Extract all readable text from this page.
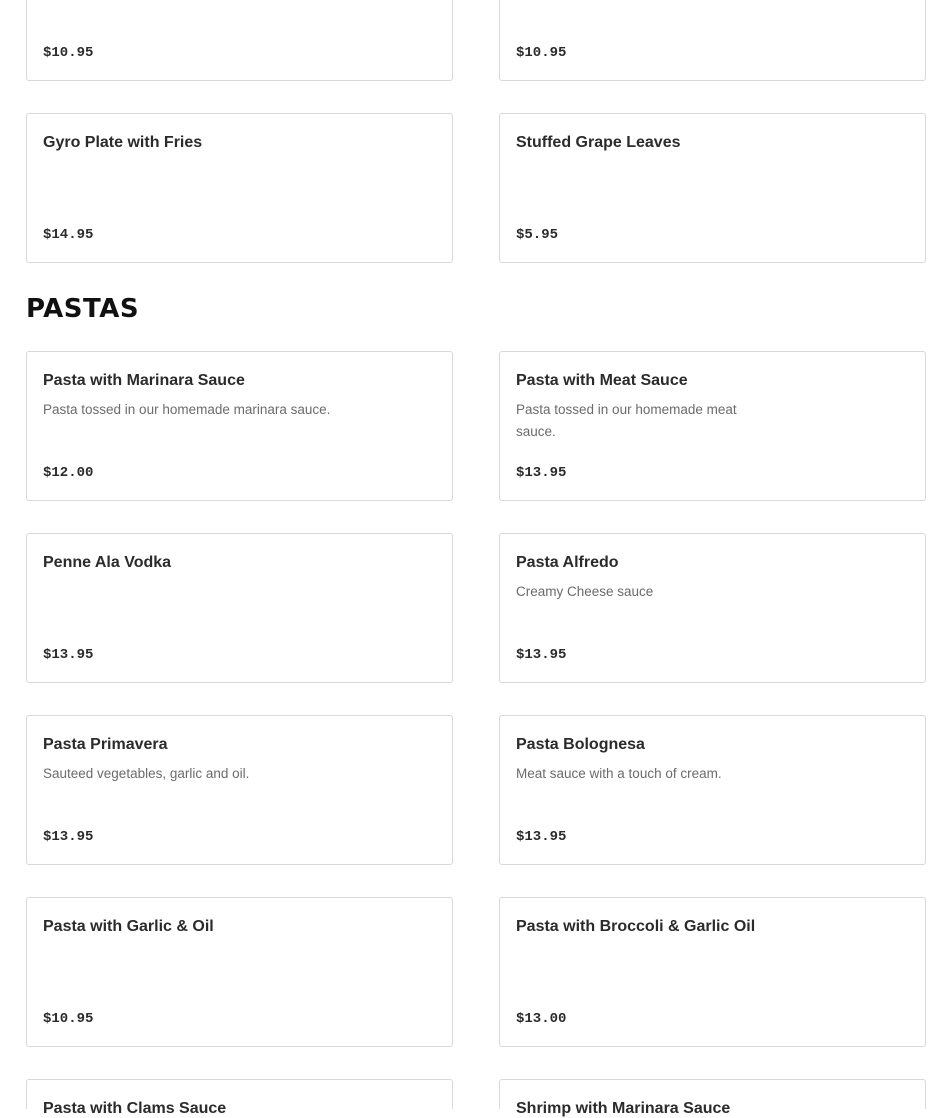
$10.95	$10.95
Gyro Plate with Fries
$14.95
Stuffed Grape Leaves
$5.95
PASTAS
Pasta with Marinara Sauce
Pasta tossed in our homemade marinara sauce.
$12.00
Pasta with Meat Sauce
Pasta tossed in our homemade meat sauce.
$13.95
Penne Ala Vodka
$13.95
Pasta Alfredo
Creamy Cheese sauce
$13.95
Pasta Primavera
Sauteed vegetables, garlic and oil.
$13.95
Pasta Bolognesa
Meat sauce with a touch of cream.
$13.95
Pasta with Garlic & Oil
$10.95
Pasta with Broccoli & Garlic Oil
$13.00
Pasta with Clams Sauce	Shrimp with Marinara Sauce
